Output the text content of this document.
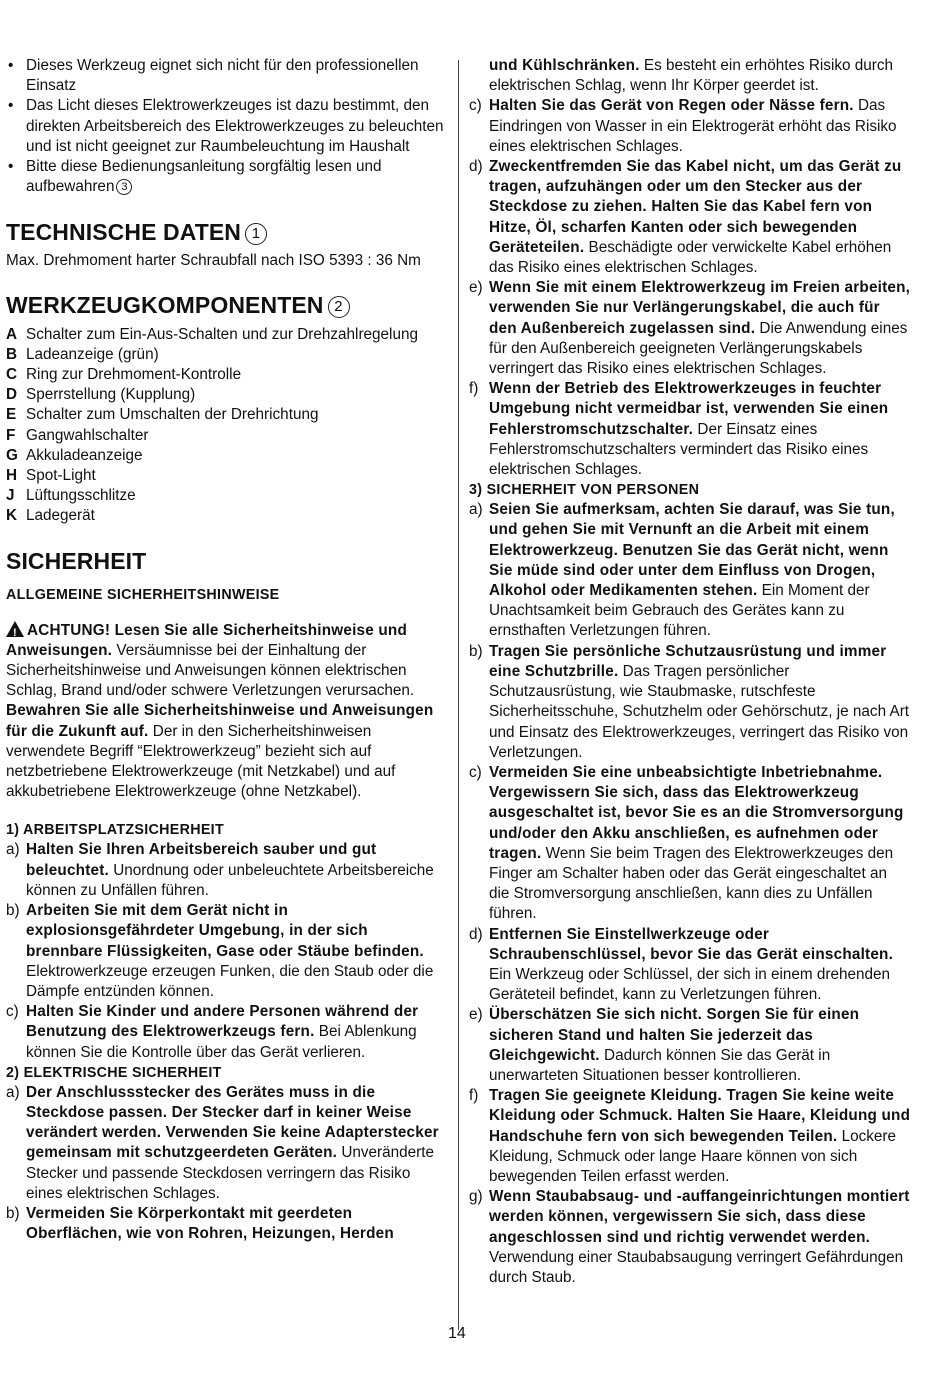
• Dieses Werkzeug eignet sich nicht für den professionellen Einsatz
• Das Licht dieses Elektrowerkzeuges ist dazu bestimmt, den direkten Arbeitsbereich des Elektrowerkzeuges zu beleuchten und ist nicht geeignet zur Raumbeleuchtung im Haushalt
• Bitte diese Bedienungsanleitung sorgfältig lesen und aufbewahren 3
TECHNISCHE DATEN 1
Max. Drehmoment harter Schraubfall nach ISO 5393 : 36 Nm
WERKZEUGKOMPONENTEN 2
A Schalter zum Ein-Aus-Schalten und zur Drehzahlregelung
B Ladeanzeige (grün)
C Ring zur Drehmoment-Kontrolle
D Sperrstellung (Kupplung)
E Schalter zum Umschalten der Drehrichtung
F Gangwahlschalter
G Akkuladeanzeige
H Spot-Light
J Lüftungsschlitze
K Ladegerät
SICHERHEIT
ALLGEMEINE SICHERHEITSHINWEISE
! ACHTUNG! Lesen Sie alle Sicherheitshinweise und Anweisungen. Versäumnisse bei der Einhaltung der Sicherheitshinweise und Anweisungen können elektrischen Schlag, Brand und/oder schwere Verletzungen verursachen. Bewahren Sie alle Sicherheitshinweise und Anweisungen für die Zukunft auf. Der in den Sicherheitshinweisen verwendete Begriff “Elektrowerkzeug” bezieht sich auf netzbetriebene Elektrowerkzeuge (mit Netzkabel) und auf akkubetriebene Elektrowerkzeuge (ohne Netzkabel).
1) ARBEITSPLATZSICHERHEIT
a) Halten Sie Ihren Arbeitsbereich sauber und gut beleuchtet. Unordnung oder unbeleuchtete Arbeitsbereiche können zu Unfällen führen.
b) Arbeiten Sie mit dem Gerät nicht in explosionsgefährdeter Umgebung, in der sich brennbare Flüssigkeiten, Gase oder Stäube befinden. Elektrowerkzeuge erzeugen Funken, die den Staub oder die Dämpfe entzünden können.
c) Halten Sie Kinder und andere Personen während der Benutzung des Elektrowerkzeugs fern. Bei Ablenkung können Sie die Kontrolle über das Gerät verlieren.
2) ELEKTRISCHE SICHERHEIT
a) Der Anschlussstecker des Gerätes muss in die Steckdose passen. Der Stecker darf in keiner Weise verändert werden. Verwenden Sie keine Adapterstecker gemeinsam mit schutzgeerdeten Geräten. Unveränderte Stecker und passende Steckdosen verringern das Risiko eines elektrischen Schlages.
b) Vermeiden Sie Körperkontakt mit geerdeten Oberflächen, wie von Rohren, Heizungen, Herden
und Kühlschränken. Es besteht ein erhöhtes Risiko durch elektrischen Schlag, wenn Ihr Körper geerdet ist.
c) Halten Sie das Gerät von Regen oder Nässe fern. Das Eindringen von Wasser in ein Elektrogerät erhöht das Risiko eines elektrischen Schlages.
d) Zweckentfremden Sie das Kabel nicht, um das Gerät zu tragen, aufzuhängen oder um den Stecker aus der Steckdose zu ziehen. Halten Sie das Kabel fern von Hitze, Öl, scharfen Kanten oder sich bewegenden Geräteteilen. Beschädigte oder verwickelte Kabel erhöhen das Risiko eines elektrischen Schlages.
e) Wenn Sie mit einem Elektrowerkzeug im Freien arbeiten, verwenden Sie nur Verlängerungskabel, die auch für den Außenbereich zugelassen sind. Die Anwendung eines für den Außenbereich geeigneten Verlängerungskabels verringert das Risiko eines elektrischen Schlages.
f) Wenn der Betrieb des Elektrowerkzeuges in feuchter Umgebung nicht vermeidbar ist, verwenden Sie einen Fehlerstromschutzschalter. Der Einsatz eines Fehlerstromschutzschalters vermindert das Risiko eines elektrischen Schlages.
3) SICHERHEIT VON PERSONEN
a) Seien Sie aufmerksam, achten Sie darauf, was Sie tun, und gehen Sie mit Vernunft an die Arbeit mit einem Elektrowerkzeug. Benutzen Sie das Gerät nicht, wenn Sie müde sind oder unter dem Einfluss von Drogen, Alkohol oder Medikamenten stehen. Ein Moment der Unachtsamkeit beim Gebrauch des Gerätes kann zu ernsthaften Verletzungen führen.
b) Tragen Sie persönliche Schutzausrüstung und immer eine Schutzbrille. Das Tragen persönlicher Schutzausrüstung, wie Staubmaske, rutschfeste Sicherheitsschuhe, Schutzhelm oder Gehörschutz, je nach Art und Einsatz des Elektrowerkzeuges, verringert das Risiko von Verletzungen.
c) Vermeiden Sie eine unbeabsichtigte Inbetriebnahme. Vergewissern Sie sich, dass das Elektrowerkzeug ausgeschaltet ist, bevor Sie es an die Stromversorgung und/oder den Akku anschließen, es aufnehmen oder tragen. Wenn Sie beim Tragen des Elektrowerkzeuges den Finger am Schalter haben oder das Gerät eingeschaltet an die Stromversorgung anschließen, kann dies zu Unfällen führen.
d) Entfernen Sie Einstellwerkzeuge oder Schraubenschlüssel, bevor Sie das Gerät einschalten. Ein Werkzeug oder Schlüssel, der sich in einem drehenden Geräteteil befindet, kann zu Verletzungen führen.
e) Überschätzen Sie sich nicht. Sorgen Sie für einen sicheren Stand und halten Sie jederzeit das Gleichgewicht. Dadurch können Sie das Gerät in unerwarteten Situationen besser kontrollieren.
f) Tragen Sie geeignete Kleidung. Tragen Sie keine weite Kleidung oder Schmuck. Halten Sie Haare, Kleidung und Handschuhe fern von sich bewegenden Teilen. Lockere Kleidung, Schmuck oder lange Haare können von sich bewegenden Teilen erfasst werden.
g) Wenn Staubabsaug- und -auffangeinrichtungen montiert werden können, vergewissern Sie sich, dass diese angeschlossen sind und richtig verwendet werden. Verwendung einer Staubabsaugung verringert Gefährdungen durch Staub.
14
